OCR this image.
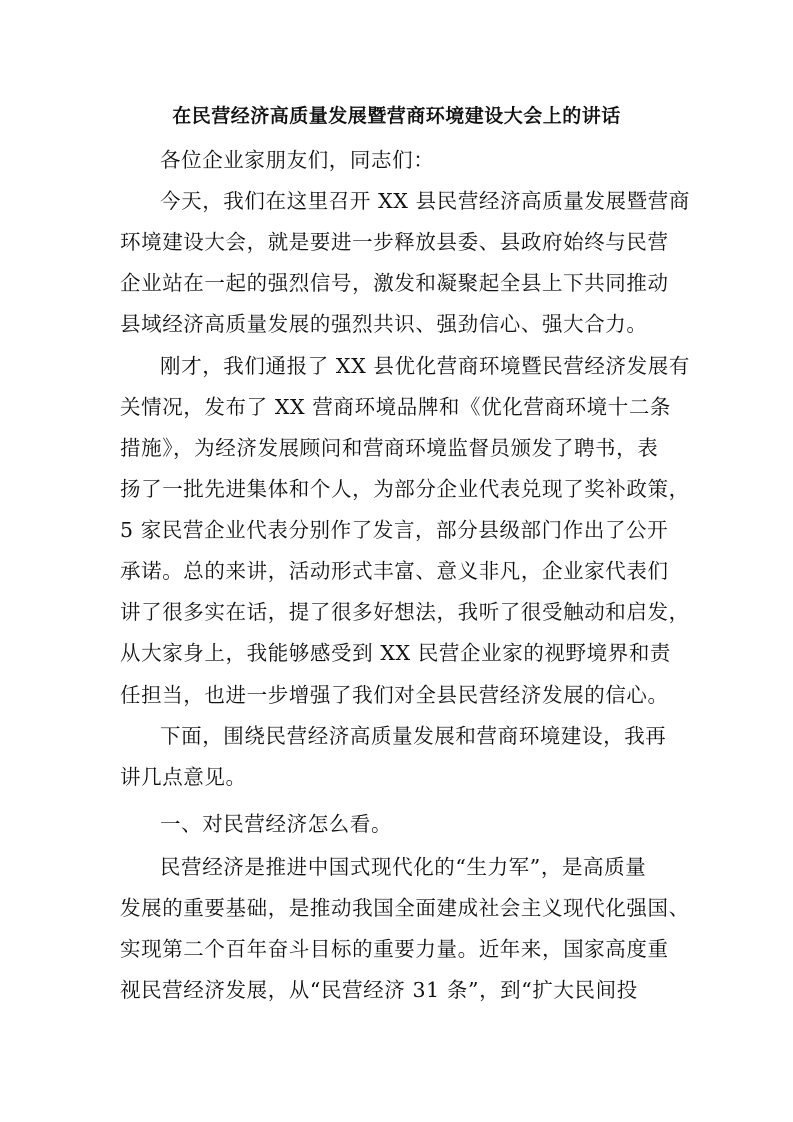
在民营经济高质量发展暨营商环境建设大会上的讲话
各位企业家朋友们，同志们：
今天，我们在这里召开 XX 县民营经济高质量发展暨营商
环境建设大会，就是要进一步释放县委、县政府始终与民营
企业站在一起的强烈信号，激发和凝聚起全县上下共同推动
县域经济高质量发展的强烈共识、强劲信心、强大合力。
刚才，我们通报了 XX 县优化营商环境暨民营经济发展有
关情况，发布了 XX 营商环境品牌和《优化营商环境十二条
措施》，为经济发展顾问和营商环境监督员颁发了聘书，表
扬了一批先进集体和个人，为部分企业代表兑现了奖补政策，
5 家民营企业代表分别作了发言，部分县级部门作出了公开
承诺。总的来讲，活动形式丰富、意义非凡，企业家代表们
讲了很多实在话，提了很多好想法，我听了很受触动和启发，
从大家身上，我能够感受到 XX 民营企业家的视野境界和责
任担当，也进一步增强了我们对全县民营经济发展的信心。
下面，围绕民营经济高质量发展和营商环境建设，我再
讲几点意见。
一、对民营经济怎么看。
民营经济是推进中国式现代化的“生力军”，是高质量
发展的重要基础，是推动我国全面建成社会主义现代化强国、
实现第二个百年奋斗目标的重要力量。近年来，国家高度重
视民营经济发展，从“民营经济 31 条”，到“扩大民间投
